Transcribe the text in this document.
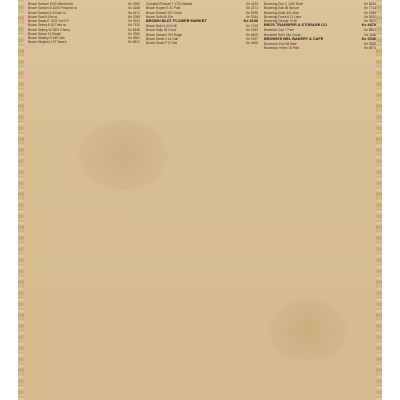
Brown Samuel 1940 Wentworth	Ke 4952
Brown Samuel B 1000 Prospect av	Ke 3185
Brown Samuel E 8 Dale rd	Ke 6172
Brown Sara 5 Elm st	Ke 2008
Brown Sarah E 1322 1st N E	Ke 9811
Brown Selma A 18 Third av	Ke 7120
Brown Sidney W 3807 Cherry	Ke 5546
Brown Simon 12 Maple	Ke 3360
Brown Stanley R 440 Oak	Ke 6901
Brown Stephen J 97 Beach	Ke 8437
Campbell Russell T 1703 Walnut	Ke 4123
Brown Rupert E 31 Park	Ke 2271
Brown Russell 102 Grove	Ke 5098
Brown Ruth 66 Elm	Ke 3344
BROWN BLDT FLOWER MARKET	Ke 8190
Brown Ruth A 410 Hill	Ke 7015
Brown Sally 35 Court	Ke 2263
Brown Samuel 720 Ridge	Ke 6610
Brown Sarah J 14 Oak	Ke 1907
Brown Stuart P 8 Vine	Ke 4456
Browning Don C 1402 Birch	Ke 6033
Browning Earl 55 Spruce	Ke 7714
Browning Edith 321 Main	Ke 2089
Browning Frank A 11 Lake	Ke 5532
Browning George 9 Hill	Ke 3907
BROS TRANSFER & STORAGE CO	Ke 4470
Brownlee Carl 7 Pine	Ke 8821
Brownlee Ruth 440 Cedar	Ke 1166
BROWN'S MEL BAKERY & CAFE	Ke 2040
Brownson Earl 68 Dale	Ke 3389
Brownson Helen 15 Park	Ke 6671
